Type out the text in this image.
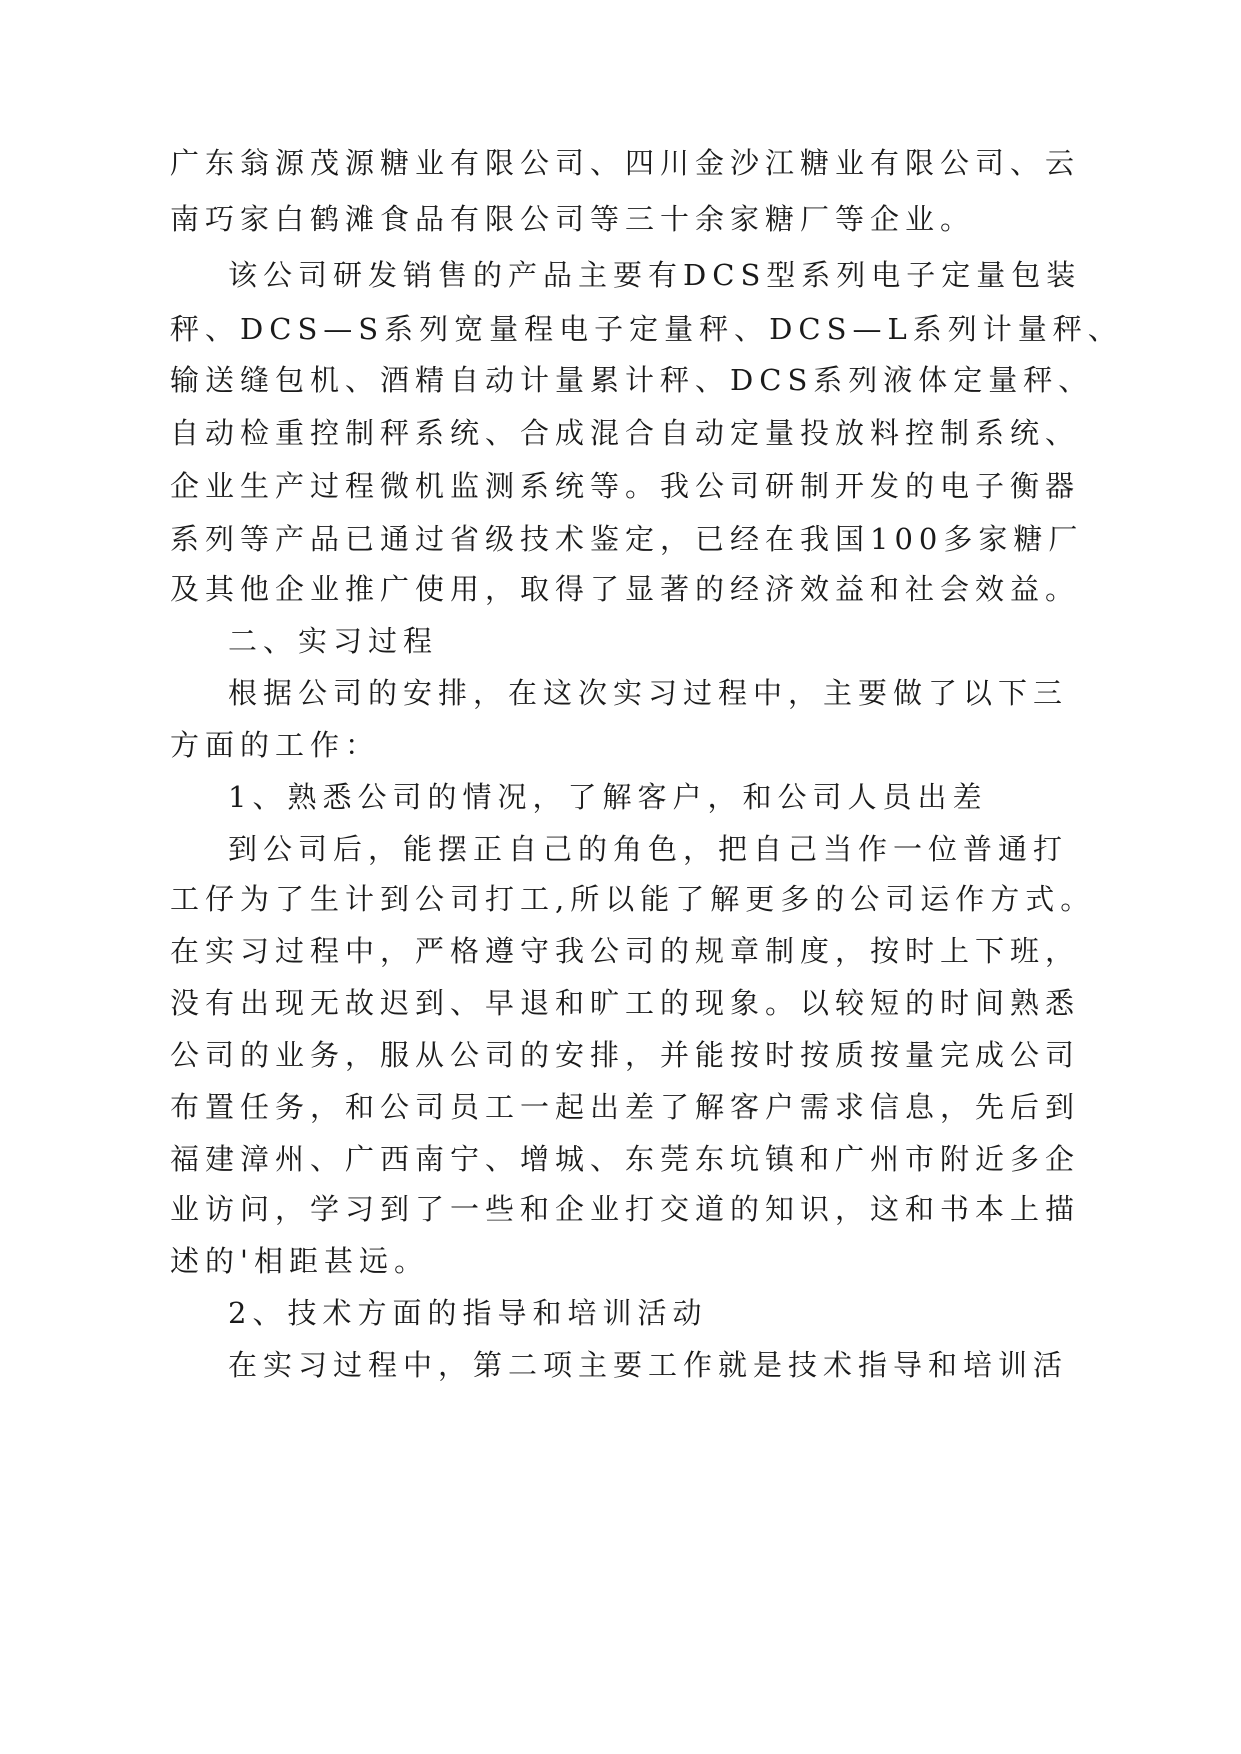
广东翁源茂源糖业有限公司、四川金沙江糖业有限公司、云
南巧家白鹤滩食品有限公司等三十余家糖厂等企业。
该公司研发销售的产品主要有DCS型系列电子定量包装
秤、DCS—S系列宽量程电子定量秤、DCS—L系列计量秤、
输送缝包机、酒精自动计量累计秤、DCS系列液体定量秤、
自动检重控制秤系统、合成混合自动定量投放料控制系统、
企业生产过程微机监测系统等。我公司研制开发的电子衡器
系列等产品已通过省级技术鉴定，已经在我国100多家糖厂
及其他企业推广使用，取得了显著的经济效益和社会效益。
二、实习过程
根据公司的安排，在这次实习过程中，主要做了以下三
方面的工作：
1、熟悉公司的情况，了解客户，和公司人员出差
到公司后，能摆正自己的角色，把自己当作一位普通打
工仔为了生计到公司打工,所以能了解更多的公司运作方式。
在实习过程中，严格遵守我公司的规章制度，按时上下班，
没有出现无故迟到、早退和旷工的现象。以较短的时间熟悉
公司的业务，服从公司的安排，并能按时按质按量完成公司
布置任务，和公司员工一起出差了解客户需求信息，先后到
福建漳州、广西南宁、增城、东莞东坑镇和广州市附近多企
业访问，学习到了一些和企业打交道的知识，这和书本上描
述的'相距甚远。
2、技术方面的指导和培训活动
在实习过程中，第二项主要工作就是技术指导和培训活
